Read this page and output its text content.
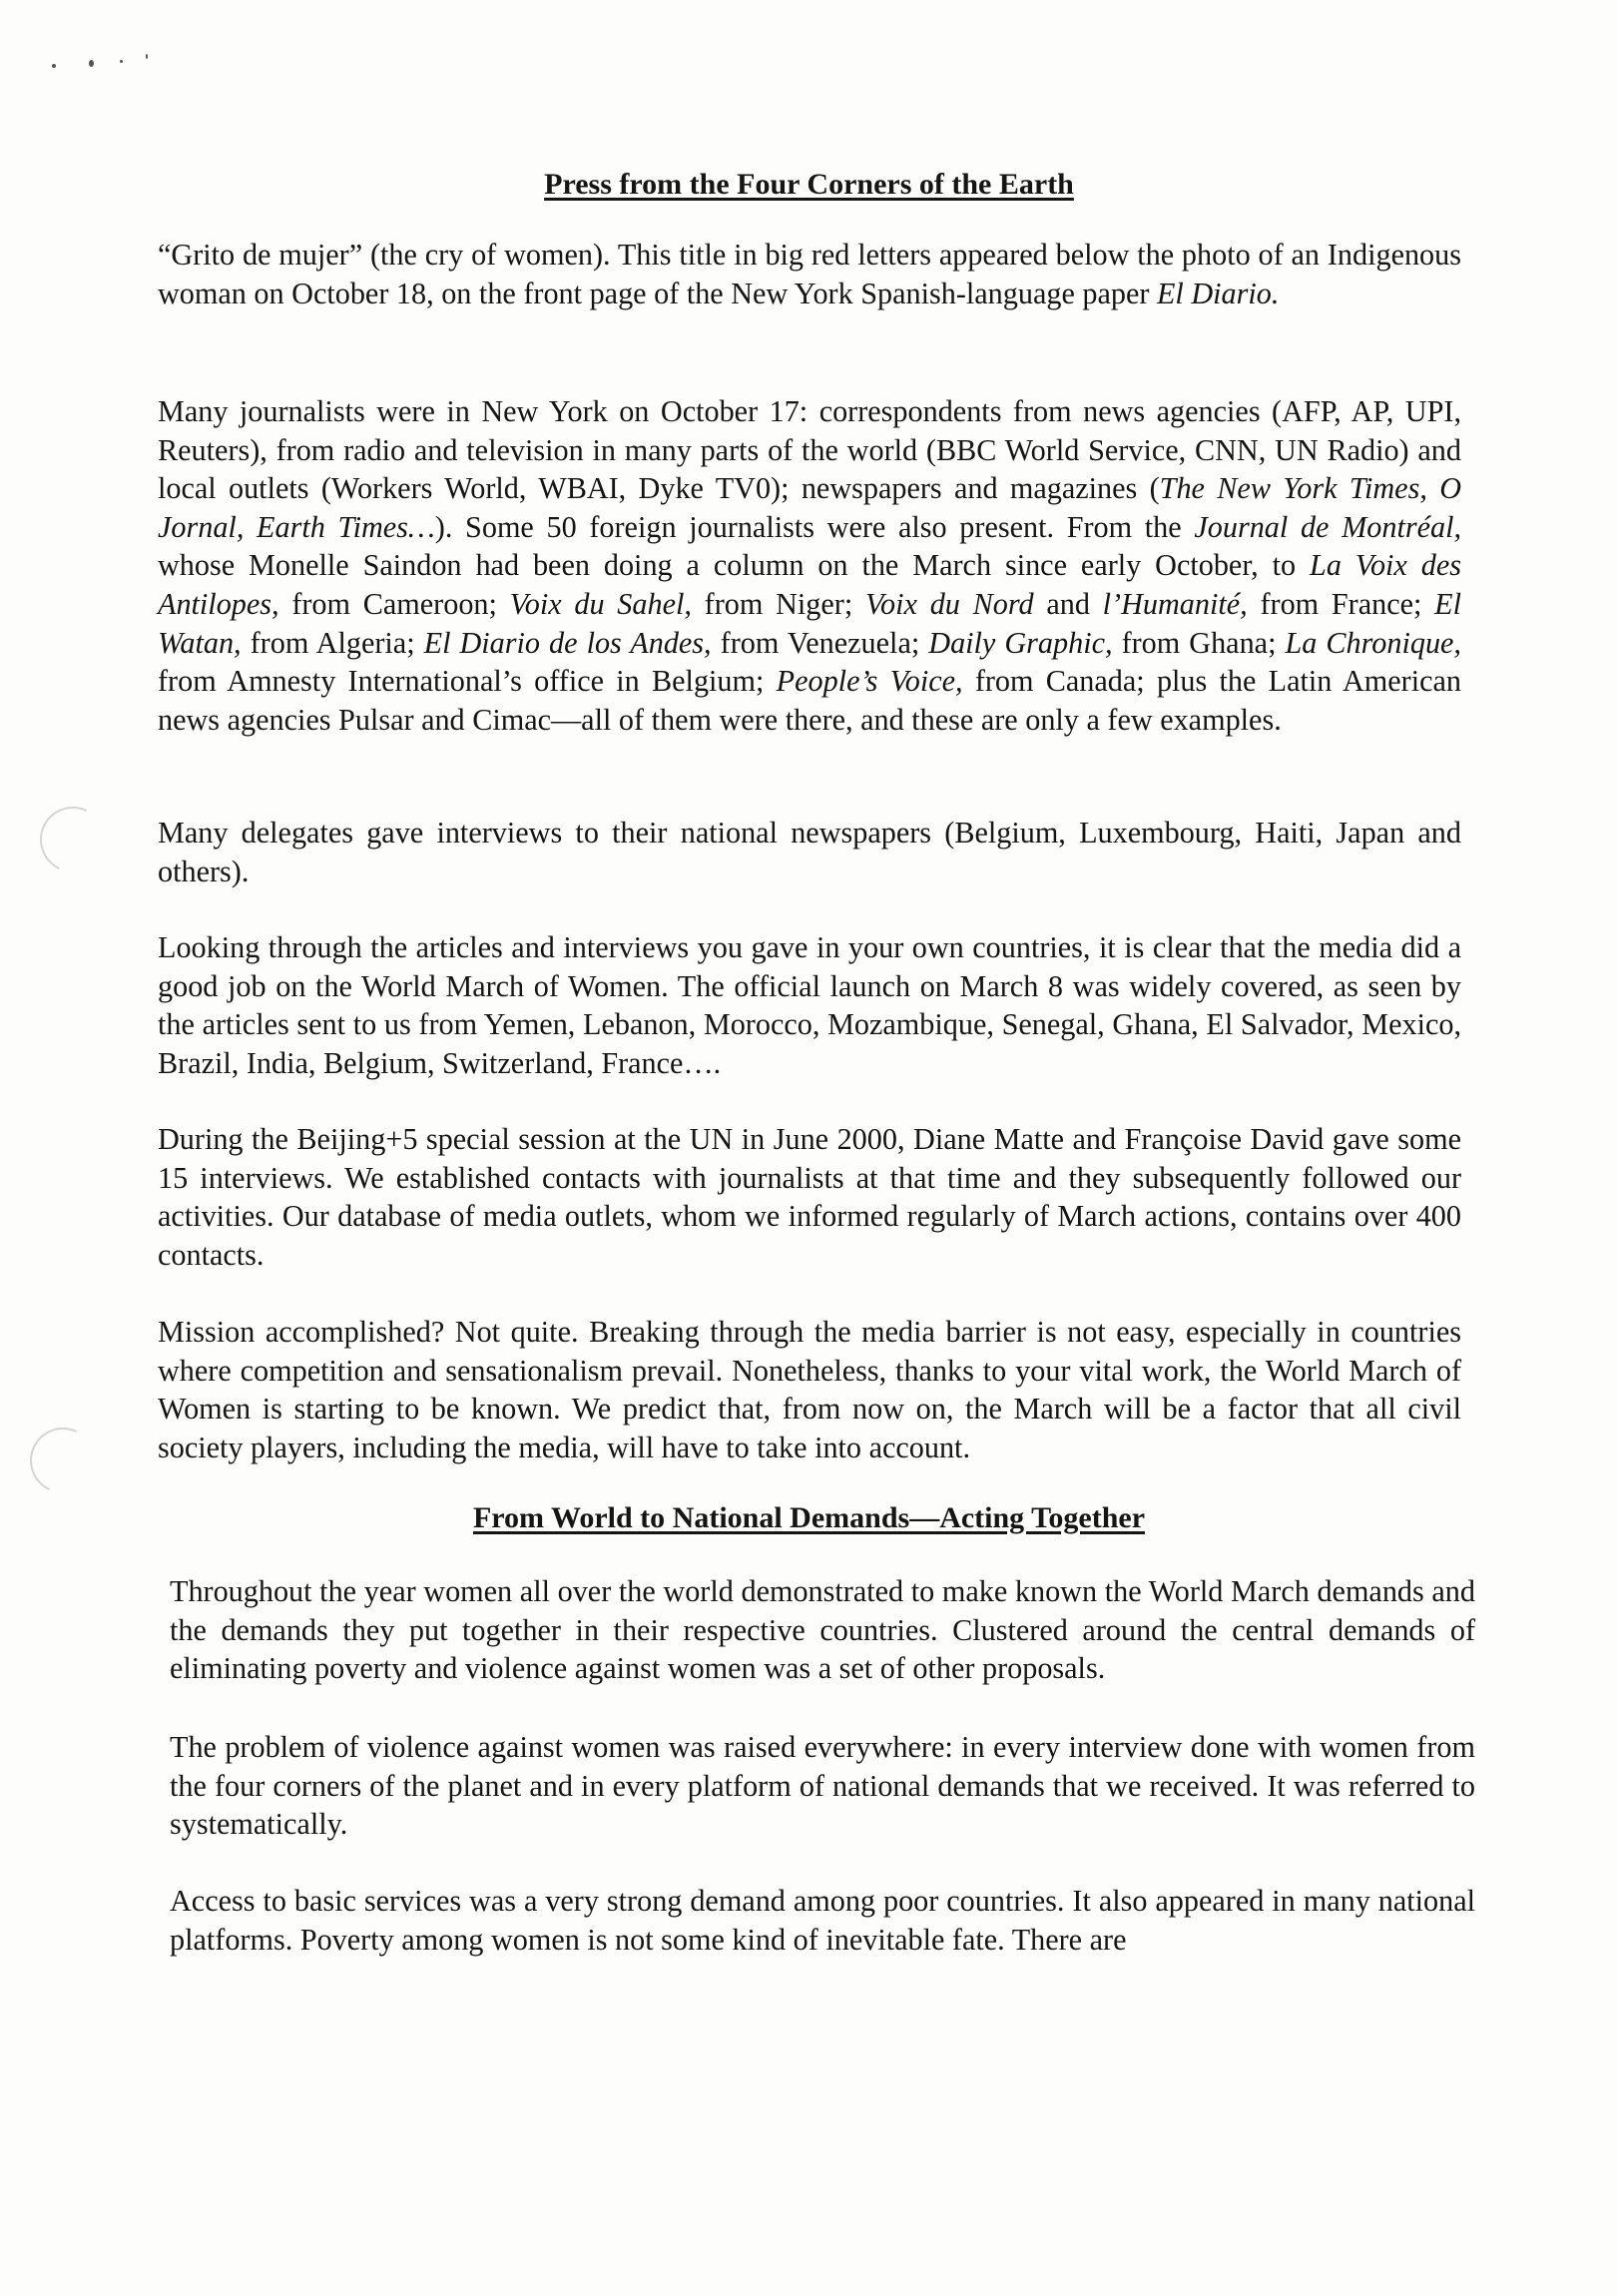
Press from the Four Corners of the Earth

“Grito de mujer” (the cry of women). This title in big red letters appeared below the photo of an Indigenous woman on October 18, on the front page of the New York Spanish-language paper El Diario.

Many journalists were in New York on October 17: correspondents from news agencies (AFP, AP, UPI, Reuters), from radio and television in many parts of the world (BBC World Service, CNN, UN Radio) and local outlets (Workers World, WBAI, Dyke TV0); newspapers and magazines (The New York Times, O Jornal, Earth Times…). Some 50 foreign journalists were also present. From the Journal de Montréal, whose Monelle Saindon had been doing a column on the March since early October, to La Voix des Antilopes, from Cameroon; Voix du Sahel, from Niger; Voix du Nord and l’Humanité, from France; El Watan, from Algeria; El Diario de los Andes, from Venezuela; Daily Graphic, from Ghana; La Chronique, from Amnesty International’s office in Belgium; People’s Voice, from Canada; plus the Latin American news agencies Pulsar and Cimac—all of them were there, and these are only a few examples.

Many delegates gave interviews to their national newspapers (Belgium, Luxembourg, Haiti, Japan and others).

Looking through the articles and interviews you gave in your own countries, it is clear that the media did a good job on the World March of Women. The official launch on March 8 was widely covered, as seen by the articles sent to us from Yemen, Lebanon, Morocco, Mozambique, Senegal, Ghana, El Salvador, Mexico, Brazil, India, Belgium, Switzerland, France….

During the Beijing+5 special session at the UN in June 2000, Diane Matte and Françoise David gave some 15 interviews. We established contacts with journalists at that time and they subsequently followed our activities. Our database of media outlets, whom we informed regularly of March actions, contains over 400 contacts.

Mission accomplished? Not quite. Breaking through the media barrier is not easy, especially in countries where competition and sensationalism prevail. Nonetheless, thanks to your vital work, the World March of Women is starting to be known. We predict that, from now on, the March will be a factor that all civil society players, including the media, will have to take into account.

From World to National Demands—Acting Together

Throughout the year women all over the world demonstrated to make known the World March demands and the demands they put together in their respective countries. Clustered around the central demands of eliminating poverty and violence against women was a set of other proposals.

The problem of violence against women was raised everywhere: in every interview done with women from the four corners of the planet and in every platform of national demands that we received. It was referred to systematically.

Access to basic services was a very strong demand among poor countries. It also appeared in many national platforms. Poverty among women is not some kind of inevitable fate. There are
